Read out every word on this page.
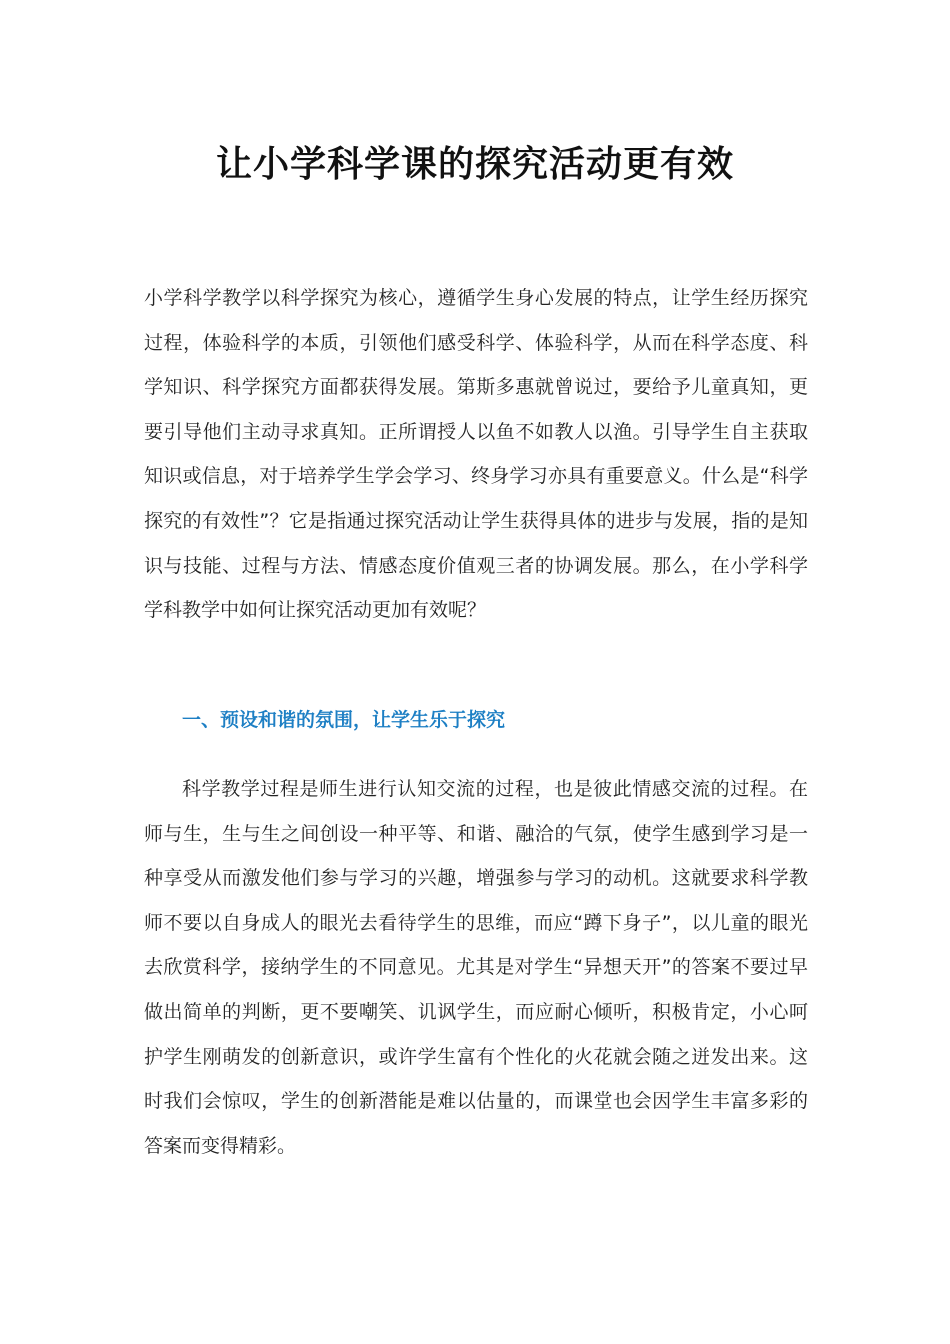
让小学科学课的探究活动更有效

小学科学教学以科学探究为核心，遵循学生身心发展的特点，让学生经历探究过程，体验科学的本质，引领他们感受科学、体验科学，从而在科学态度、科学知识、科学探究方面都获得发展。第斯多惠就曾说过，要给予儿童真知，更要引导他们主动寻求真知。正所谓授人以鱼不如教人以渔。引导学生自主获取知识或信息，对于培养学生学会学习、终身学习亦具有重要意义。什么是“科学探究的有效性”？它是指通过探究活动让学生获得具体的进步与发展，指的是知识与技能、过程与方法、情感态度价值观三者的协调发展。那么，在小学科学学科教学中如何让探究活动更加有效呢？

一、预设和谐的氛围，让学生乐于探究

科学教学过程是师生进行认知交流的过程，也是彼此情感交流的过程。在师与生，生与生之间创设一种平等、和谐、融洽的气氛，使学生感到学习是一种享受从而激发他们参与学习的兴趣，增强参与学习的动机。这就要求科学教师不要以自身成人的眼光去看待学生的思维，而应“蹲下身子”，以儿童的眼光去欣赏科学，接纳学生的不同意见。尤其是对学生“异想天开”的答案不要过早做出简单的判断，更不要嘲笑、讥讽学生，而应耐心倾听，积极肯定，小心呵护学生刚萌发的创新意识，或许学生富有个性化的火花就会随之迸发出来。这时我们会惊叹，学生的创新潜能是难以估量的，而课堂也会因学生丰富多彩的答案而变得精彩。
